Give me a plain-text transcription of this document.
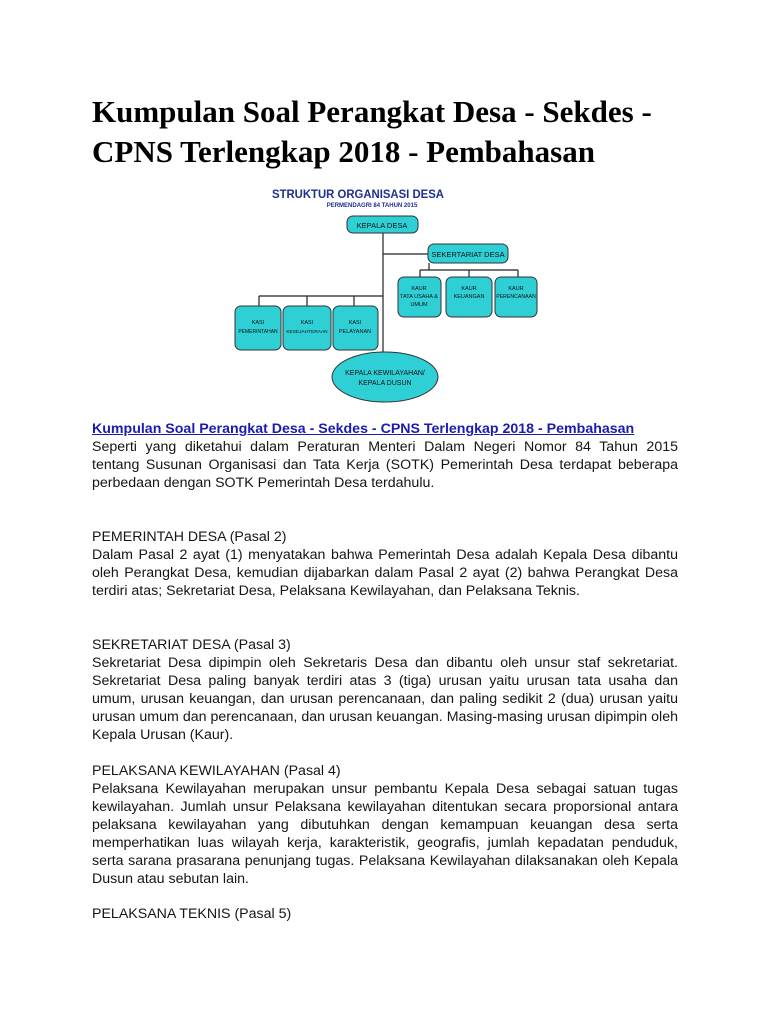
Kumpulan Soal Perangkat Desa - Sekdes - CPNS Terlengkap 2018 - Pembahasan
STRUKTUR ORGANISASI DESA
PERMENDAGRI 84 TAHUN 2015
KEPALA DESA
SEKERTARIAT DESA
KAUR
TATA USAHA &
UMUM
KAUR
KEUANGAN
KAUR
PERENCANAAN
KASI
PEMERINTAHAN
KASI
KESEJAHTERAAN
KASI
PELAYANAN
KEPALA KEWILAYAHAN/
KEPALA DUSUN

Kumpulan Soal Perangkat Desa - Sekdes - CPNS Terlengkap 2018 - Pembahasan

Seperti yang diketahui dalam Peraturan Menteri Dalam Negeri Nomor 84 Tahun 2015 tentang Susunan Organisasi dan Tata Kerja (SOTK) Pemerintah Desa terdapat beberapa perbedaan dengan SOTK Pemerintah Desa terdahulu.

PEMERINTAH DESA (Pasal 2)

Dalam Pasal 2 ayat (1) menyatakan bahwa Pemerintah Desa adalah Kepala Desa dibantu oleh Perangkat Desa, kemudian dijabarkan dalam Pasal 2 ayat (2) bahwa Perangkat Desa terdiri atas; Sekretariat Desa, Pelaksana Kewilayahan, dan Pelaksana Teknis.

SEKRETARIAT DESA (Pasal 3)

Sekretariat Desa dipimpin oleh Sekretaris Desa dan dibantu oleh unsur staf sekretariat. Sekretariat Desa paling banyak terdiri atas 3 (tiga) urusan yaitu urusan tata usaha dan umum, urusan keuangan, dan urusan perencanaan, dan paling sedikit 2 (dua) urusan yaitu urusan umum dan perencanaan, dan urusan keuangan. Masing-masing urusan dipimpin oleh Kepala Urusan (Kaur).

PELAKSANA KEWILAYAHAN (Pasal 4)

Pelaksana Kewilayahan merupakan unsur pembantu Kepala Desa sebagai satuan tugas kewilayahan. Jumlah unsur Pelaksana kewilayahan ditentukan secara proporsional antara pelaksana kewilayahan yang dibutuhkan dengan kemampuan keuangan desa serta memperhatikan luas wilayah kerja, karakteristik, geografis, jumlah kepadatan penduduk, serta sarana prasarana penunjang tugas. Pelaksana Kewilayahan dilaksanakan oleh Kepala Dusun atau sebutan lain.

PELAKSANA TEKNIS (Pasal 5)
